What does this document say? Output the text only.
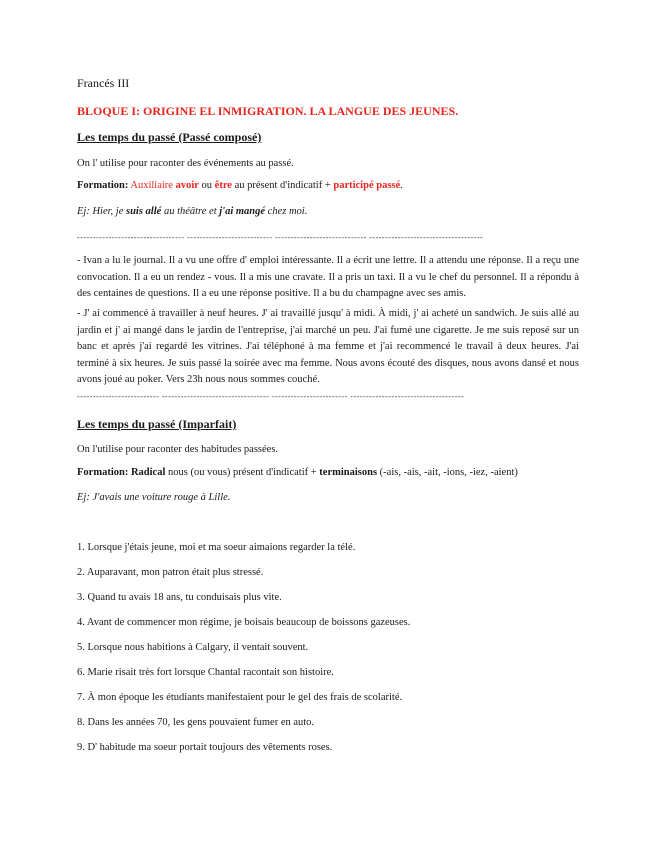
Francés III
BLOQUE I: ORIGINE EL INMIGRATION. LA LANGUE DES JEUNES.
Les temps du passé (Passé composé)
On l' utilise pour raconter des événements au passé.
Formation: Auxiliaire avoir ou être au présent d'indicatif + participé passé.
Ej: Hier, je suis allé au théâtre et j'ai mangé chez moi.
---------------------------------- --------------------------- ----------------------------- ------------------------------------
- Ivan a lu le journal. Il a vu une offre d' emploi intéressante. Il a écrit une lettre. Il a attendu une réponse. Il a reçu une convocation. Il a eu un rendez - vous. Il a mis une cravate. Il a pris un taxi. Il a vu le chef du personnel. Il a répondu à des centaines de questions. Il a eu une réponse positive. Il a bu du champagne avec ses amis.
- J' ai commencé à travailler à neuf heures. J' ai travaillé jusqu' à midi. À midi, j' ai acheté un sandwich. Je suis allé au jardin et j' ai mangé dans le jardin de l'entreprise, j'ai marché un peu. J'ai fumé une cigarette. Je me suis reposé sur un banc et après j'ai regardé les vitrines. J'ai téléphoné à ma femme et j'ai recommencé le travail à deux heures. J'ai terminé à six heures. Je suis passé la soirée avec ma femme. Nous avons écouté des disques, nous avons dansé et nous avons joué au poker. Vers 23h nous nous sommes couché.
-------------------------- ---------------------------------- ------------------------ ------------------------------------
Les temps du passé (Imparfait)
On l'utilise pour raconter des habitudes passées.
Formation: Radical nous (ou vous) présent d'indicatif + terminaisons (-ais, -ais, -ait, -ions, -iez, -aient)
Ej: J'avais une voiture rouge à Lille.
1. Lorsque j'étais jeune, moi et ma soeur aimaions regarder la télé.
2. Auparavant, mon patron était plus stressé.
3. Quand tu avais 18 ans, tu conduisais plus vite.
4. Avant de commencer mon régime, je boisais beaucoup de boissons gazeuses.
5. Lorsque nous habitions à Calgary, il ventait souvent.
6. Marie risait très fort lorsque Chantal racontait son histoire.
7. À mon époque les étudiants manifestaient pour le gel des frais de scolarité.
8. Dans les années 70, les gens pouvaient fumer en auto.
9. D' habitude ma soeur portait toujours des vêtements roses.
